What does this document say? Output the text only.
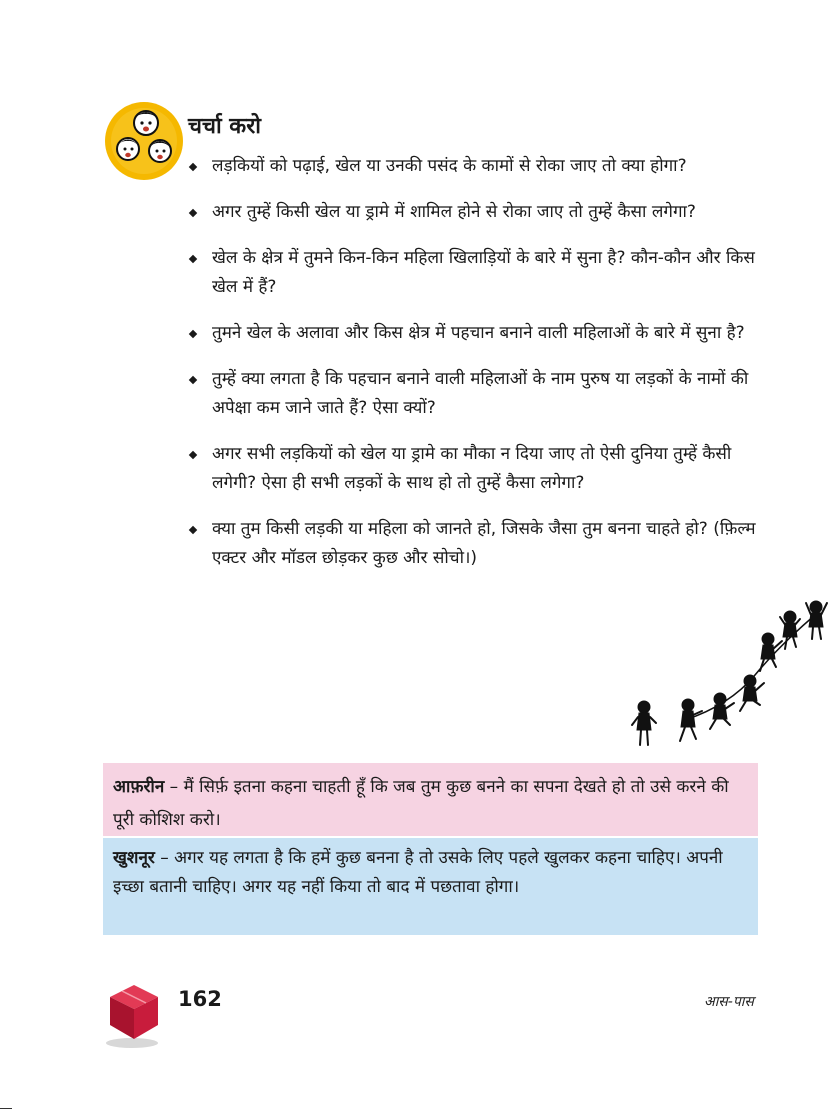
चर्चा करो
लड़कियों को पढ़ाई, खेल या उनकी पसंद के कामों से रोका जाए तो क्या होगा?
अगर तुम्हें किसी खेल या ड्रामे में शामिल होने से रोका जाए तो तुम्हें कैसा लगेगा?
खेल के क्षेत्र में तुमने किन-किन महिला खिलाड़ियों के बारे में सुना है? कौन-कौन और किस खेल में हैं?
तुमने खेल के अलावा और किस क्षेत्र में पहचान बनाने वाली महिलाओं के बारे में सुना है?
तुम्हें क्या लगता है कि पहचान बनाने वाली महिलाओं के नाम पुरुष या लड़कों के नामों की अपेक्षा कम जाने जाते हैं? ऐसा क्यों?
अगर सभी लड़कियों को खेल या ड्रामे का मौका न दिया जाए तो ऐसी दुनिया तुम्हें कैसी लगेगी? ऐसा ही सभी लड़कों के साथ हो तो तुम्हें कैसा लगेगा?
क्या तुम किसी लड़की या महिला को जानते हो, जिसके जैसा तुम बनना चाहते हो? (फ़िल्म एक्टर और मॉडल छोड़कर कुछ और सोचो।)
आफ़रीन – मैं सिर्फ़ इतना कहना चाहती हूँ कि जब तुम कुछ बनने का सपना देखते हो तो उसे करने की पूरी कोशिश करो।
खुशनूर – अगर यह लगता है कि हमें कुछ बनना है तो उसके लिए पहले खुलकर कहना चाहिए। अपनी इच्छा बतानी चाहिए। अगर यह नहीं किया तो बाद में पछतावा होगा।
162	आस-पास
